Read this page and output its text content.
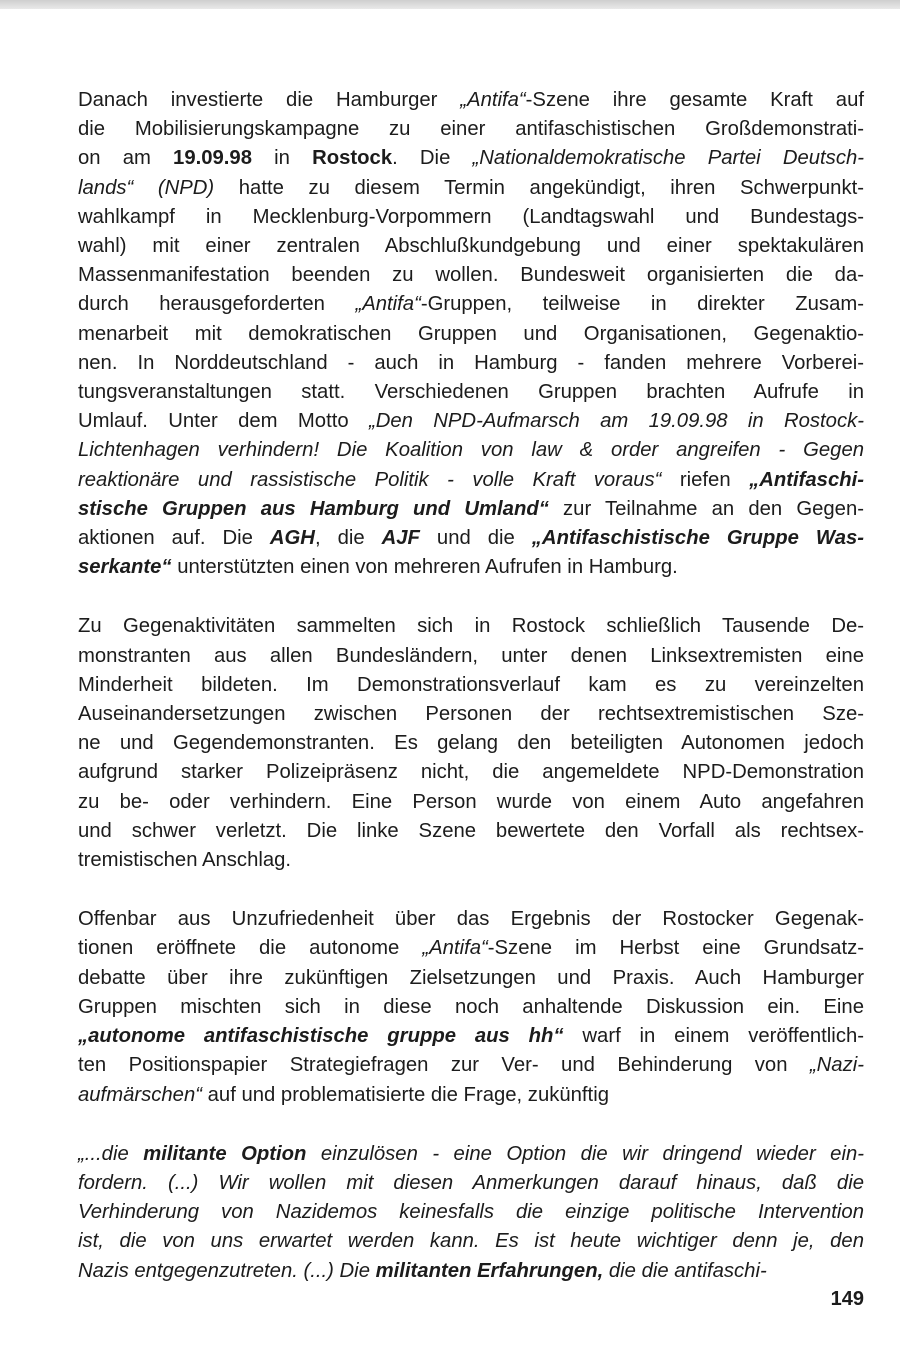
Danach investierte die Hamburger „Antifa“-Szene ihre gesamte Kraft auf
die Mobilisierungskampagne zu einer antifaschistischen Großdemonstrati-
on am 19.09.98 in Rostock. Die „Nationaldemokratische Partei Deutsch-
lands“ (NPD) hatte zu diesem Termin angekündigt, ihren Schwerpunkt-
wahlkampf in Mecklenburg-Vorpommern (Landtagswahl und Bundestags-
wahl) mit einer zentralen Abschlußkundgebung und einer spektakulären
Massenmanifestation beenden zu wollen. Bundesweit organisierten die da-
durch herausgeforderten „Antifa“-Gruppen, teilweise in direkter Zusam-
menarbeit mit demokratischen Gruppen und Organisationen, Gegenaktio-
nen. In Norddeutschland - auch in Hamburg - fanden mehrere Vorberei-
tungsveranstaltungen statt. Verschiedenen Gruppen brachten Aufrufe in
Umlauf. Unter dem Motto „Den NPD-Aufmarsch am 19.09.98 in Rostock-
Lichtenhagen verhindern! Die Koalition von law & order angreifen - Gegen
reaktionäre und rassistische Politik - volle Kraft voraus“ riefen „Antifaschi-
stische Gruppen aus Hamburg und Umland“ zur Teilnahme an den Gegen-
aktionen auf. Die AGH, die AJF und die „Antifaschistische Gruppe Was-
serkante“ unterstützten einen von mehreren Aufrufen in Hamburg.
Zu Gegenaktivitäten sammelten sich in Rostock schließlich Tausende De-
monstranten aus allen Bundesländern, unter denen Linksextremisten eine
Minderheit bildeten. Im Demonstrationsverlauf kam es zu vereinzelten
Auseinandersetzungen zwischen Personen der rechtsextremistischen Sze-
ne und Gegendemonstranten. Es gelang den beteiligten Autonomen jedoch
aufgrund starker Polizeipräsenz nicht, die angemeldete NPD-Demonstration
zu be- oder verhindern. Eine Person wurde von einem Auto angefahren
und schwer verletzt. Die linke Szene bewertete den Vorfall als rechtsex-
tremistischen Anschlag.
Offenbar aus Unzufriedenheit über das Ergebnis der Rostocker Gegenak-
tionen eröffnete die autonome „Antifa“-Szene im Herbst eine Grundsatz-
debatte über ihre zukünftigen Zielsetzungen und Praxis. Auch Hamburger
Gruppen mischten sich in diese noch anhaltende Diskussion ein. Eine
„autonome antifaschistische gruppe aus hh“ warf in einem veröffentlich-
ten Positionspapier Strategiefragen zur Ver- und Behinderung von „Nazi-
aufmärschen“ auf und problematisierte die Frage, zukünftig
„...die militante Option einzulösen - eine Option die wir dringend wieder ein-
fordern. (...) Wir wollen mit diesen Anmerkungen darauf hinaus, daß die
Verhinderung von Nazidemos keinesfalls die einzige politische Intervention
ist, die von uns erwartet werden kann. Es ist heute wichtiger denn je, den
Nazis entgegenzutreten. (...) Die militanten Erfahrungen, die die antifaschi-
149
